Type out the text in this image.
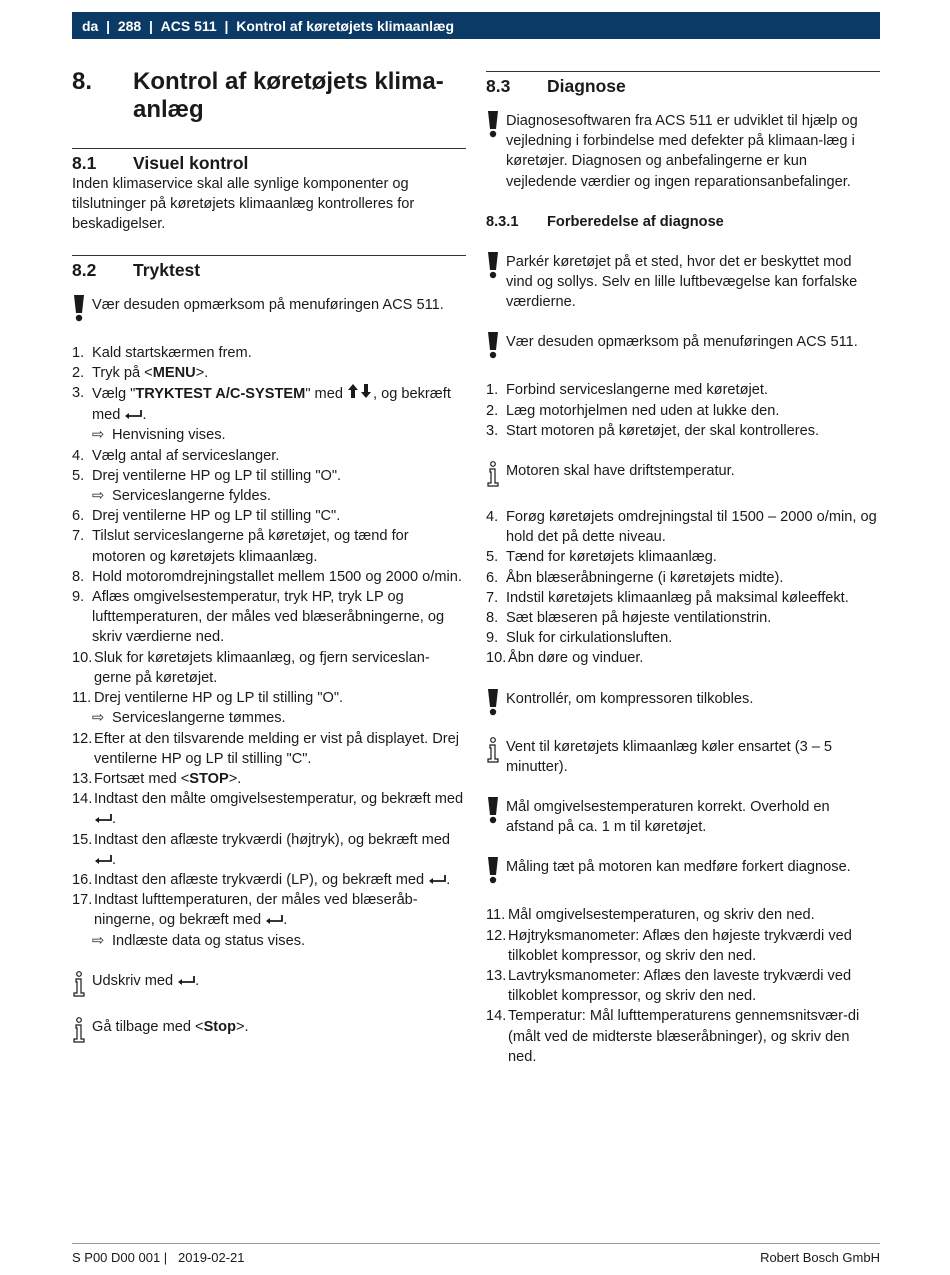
da | 288 | ACS 511 | Kontrol af køretøjets klimaanlæg
8.	Kontrol af køretøjets klima-
anlæg
8.1	Visuel kontrol

Inden klimaservice skal alle synlige komponenter og tilslutninger på køretøjets klimaanlæg kontrolleres for beskadigelser.

8.2	Tryktest
Vær desuden opmærksom på menuføringen ACS 511.
1. Kald startskærmen frem.
2. Tryk på <MENU>.
3. Vælg "TRYKTEST A/C-SYSTEM" med , og bekræft med .
⇨ Henvisning vises.
4. Vælg antal af serviceslanger.
5. Drej ventilerne HP og LP til stilling "O".
⇨ Serviceslangerne fyldes.
6. Drej ventilerne HP og LP til stilling "C".
7. Tilslut serviceslangerne på køretøjet, og tænd for motoren og køretøjets klimaanlæg.
8. Hold motoromdrejningstallet mellem 1500 og 2000 o/min.
9. Aflæs omgivelsestemperatur, tryk HP, tryk LP og lufttemperaturen, der måles ved blæseråbningerne, og skriv værdierne ned.
10. Sluk for køretøjets klimaanlæg, og fjern serviceslan-gerne på køretøjet.
11. Drej ventilerne HP og LP til stilling "O".
⇨ Serviceslangerne tømmes.
12. Efter at den tilsvarende melding er vist på displayet. Drej ventilerne HP og LP til stilling "C".
13. Fortsæt med <STOP>.
14. Indtast den målte omgivelsestemperatur, og bekræft med .
15. Indtast den aflæste trykværdi (højtryk), og bekræft med .
16. Indtast den aflæste trykværdi (LP), og bekræft med .
17. Indtast lufttemperaturen, der måles ved blæseråb-ningerne, og bekræft med .
⇨ Indlæste data og status vises.
Udskriv med .
Gå tilbage med <Stop>.
8.3	Diagnose
Diagnosesoftwaren fra ACS 511 er udviklet til hjælp og vejledning i forbindelse med defekter på klimaan-læg i køretøjer. Diagnosen og anbefalingerne er kun vejledende værdier og ingen reparationsanbefalinger.
8.3.1	Forberedelse af diagnose
Parkér køretøjet på et sted, hvor det er beskyttet mod vind og sollys. Selv en lille luftbevægelse kan forfalske værdierne.
Vær desuden opmærksom på menuføringen ACS 511.
1. Forbind serviceslangerne med køretøjet.
2. Læg motorhjelmen ned uden at lukke den.
3. Start motoren på køretøjet, der skal kontrolleres.
Motoren skal have driftstemperatur.
4. Forøg køretøjets omdrejningstal til 1500 – 2000 o/min, og hold det på dette niveau.
5. Tænd for køretøjets klimaanlæg.
6. Åbn blæseråbningerne (i køretøjets midte).
7. Indstil køretøjets klimaanlæg på maksimal køleeffekt.
8. Sæt blæseren på højeste ventilationstrin.
9. Sluk for cirkulationsluften.
10. Åbn døre og vinduer.
Kontrollér, om kompressoren tilkobles.
Vent til køretøjets klimaanlæg køler ensartet (3 – 5 minutter).
Mål omgivelsestemperaturen korrekt. Overhold en afstand på ca. 1 m til køretøjet.
Måling tæt på motoren kan medføre forkert diagnose.
11. Mål omgivelsestemperaturen, og skriv den ned.
12. Højtryksmanometer: Aflæs den højeste trykværdi ved tilkoblet kompressor, og skriv den ned.
13. Lavtryksmanometer: Aflæs den laveste trykværdi ved tilkoblet kompressor, og skriv den ned.
14. Temperatur: Mål lufttemperaturens gennemsnitsvær-di (målt ved de midterste blæseråbninger), og skriv den ned.
S P00 D00 001 |   2019-02-21	Robert Bosch GmbH
